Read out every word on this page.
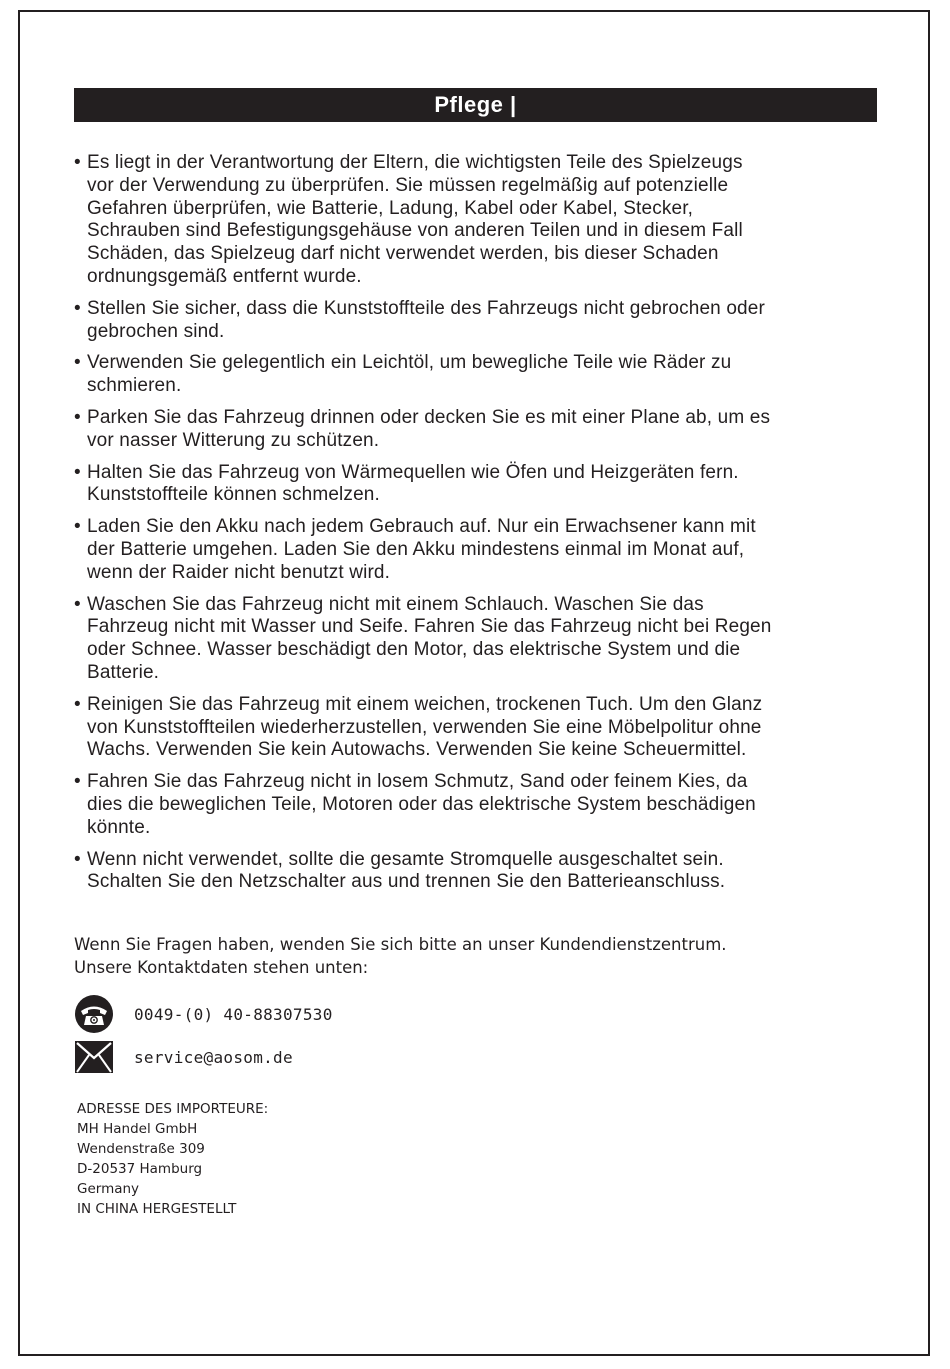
Pflege |
• Es liegt in der Verantwortung der Eltern, die wichtigsten Teile des Spielzeugs
vor der Verwendung zu überprüfen. Sie müssen regelmäßig auf potenzielle
Gefahren überprüfen, wie Batterie, Ladung, Kabel oder Kabel, Stecker,
Schrauben sind Befestigungsgehäuse von anderen Teilen und in diesem Fall
Schäden, das Spielzeug darf nicht verwendet werden, bis dieser Schaden
ordnungsgemäß entfernt wurde.
• Stellen Sie sicher, dass die Kunststoffteile des Fahrzeugs nicht gebrochen oder
gebrochen sind.
• Verwenden Sie gelegentlich ein Leichtöl, um bewegliche Teile wie Räder zu
schmieren.
• Parken Sie das Fahrzeug drinnen oder decken Sie es mit einer Plane ab, um es
vor nasser Witterung zu schützen.
• Halten Sie das Fahrzeug von Wärmequellen wie Öfen und Heizgeräten fern.
Kunststoffteile können schmelzen.
• Laden Sie den Akku nach jedem Gebrauch auf. Nur ein Erwachsener kann mit
der Batterie umgehen. Laden Sie den Akku mindestens einmal im Monat auf,
wenn der Raider nicht benutzt wird.
• Waschen Sie das Fahrzeug nicht mit einem Schlauch. Waschen Sie das
Fahrzeug nicht mit Wasser und Seife. Fahren Sie das Fahrzeug nicht bei Regen
oder Schnee. Wasser beschädigt den Motor, das elektrische System und die
Batterie.
• Reinigen Sie das Fahrzeug mit einem weichen, trockenen Tuch. Um den Glanz
von Kunststoffteilen wiederherzustellen, verwenden Sie eine Möbelpolitur ohne
Wachs. Verwenden Sie kein Autowachs. Verwenden Sie keine Scheuermittel.
• Fahren Sie das Fahrzeug nicht in losem Schmutz, Sand oder feinem Kies, da
dies die beweglichen Teile, Motoren oder das elektrische System beschädigen
könnte.
• Wenn nicht verwendet, sollte die gesamte Stromquelle ausgeschaltet sein.
Schalten Sie den Netzschalter aus und trennen Sie den Batterieanschluss.
Wenn Sie Fragen haben, wenden Sie sich bitte an unser Kundendienstzentrum.
Unsere Kontaktdaten stehen unten:
0049-(0) 40-88307530
service@aosom.de
ADRESSE DES IMPORTEURE:
MH Handel GmbH
Wendenstraße 309
D-20537 Hamburg
Germany
IN CHINA HERGESTELLT
